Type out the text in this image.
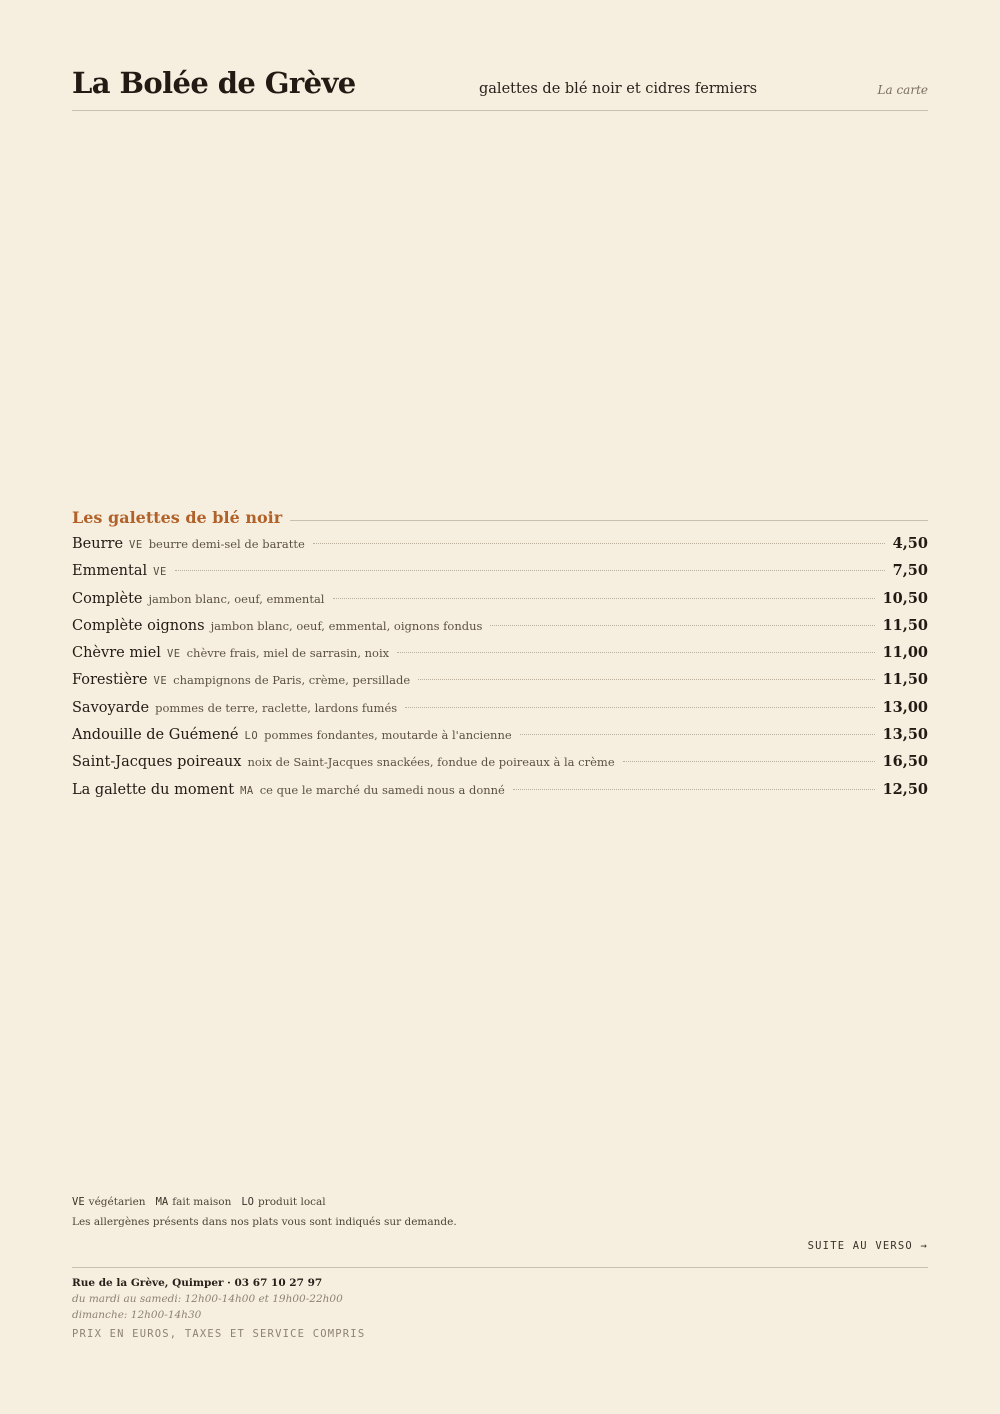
La Bolée de Grève	galettes de blé noir et cidres fermiers	La carte
Les galettes de blé noir
Beurre VE beurre demi-sel de baratte	4,50
Emmental VE	7,50
Complète jambon blanc, oeuf, emmental	10,50
Complète oignons jambon blanc, oeuf, emmental, oignons fondus	11,50
Chèvre miel VE chèvre frais, miel de sarrasin, noix	11,00
Forestière VE champignons de Paris, crème, persillade	11,50
Savoyarde pommes de terre, raclette, lardons fumés	13,00
Andouille de Guémené LO pommes fondantes, moutarde à l'ancienne	13,50
Saint-Jacques poireaux noix de Saint-Jacques snackées, fondue de poireaux à la crème	16,50
La galette du moment MA ce que le marché du samedi nous a donné	12,50
VE végétarien MA fait maison LO produit local
Les allergènes présents dans nos plats vous sont indiqués sur demande.
SUITE AU VERSO →
Rue de la Grève, Quimper · 03 67 10 27 97
du mardi au samedi: 12h00-14h00 et 19h00-22h00
dimanche: 12h00-14h30
PRIX EN EUROS, TAXES ET SERVICE COMPRIS
